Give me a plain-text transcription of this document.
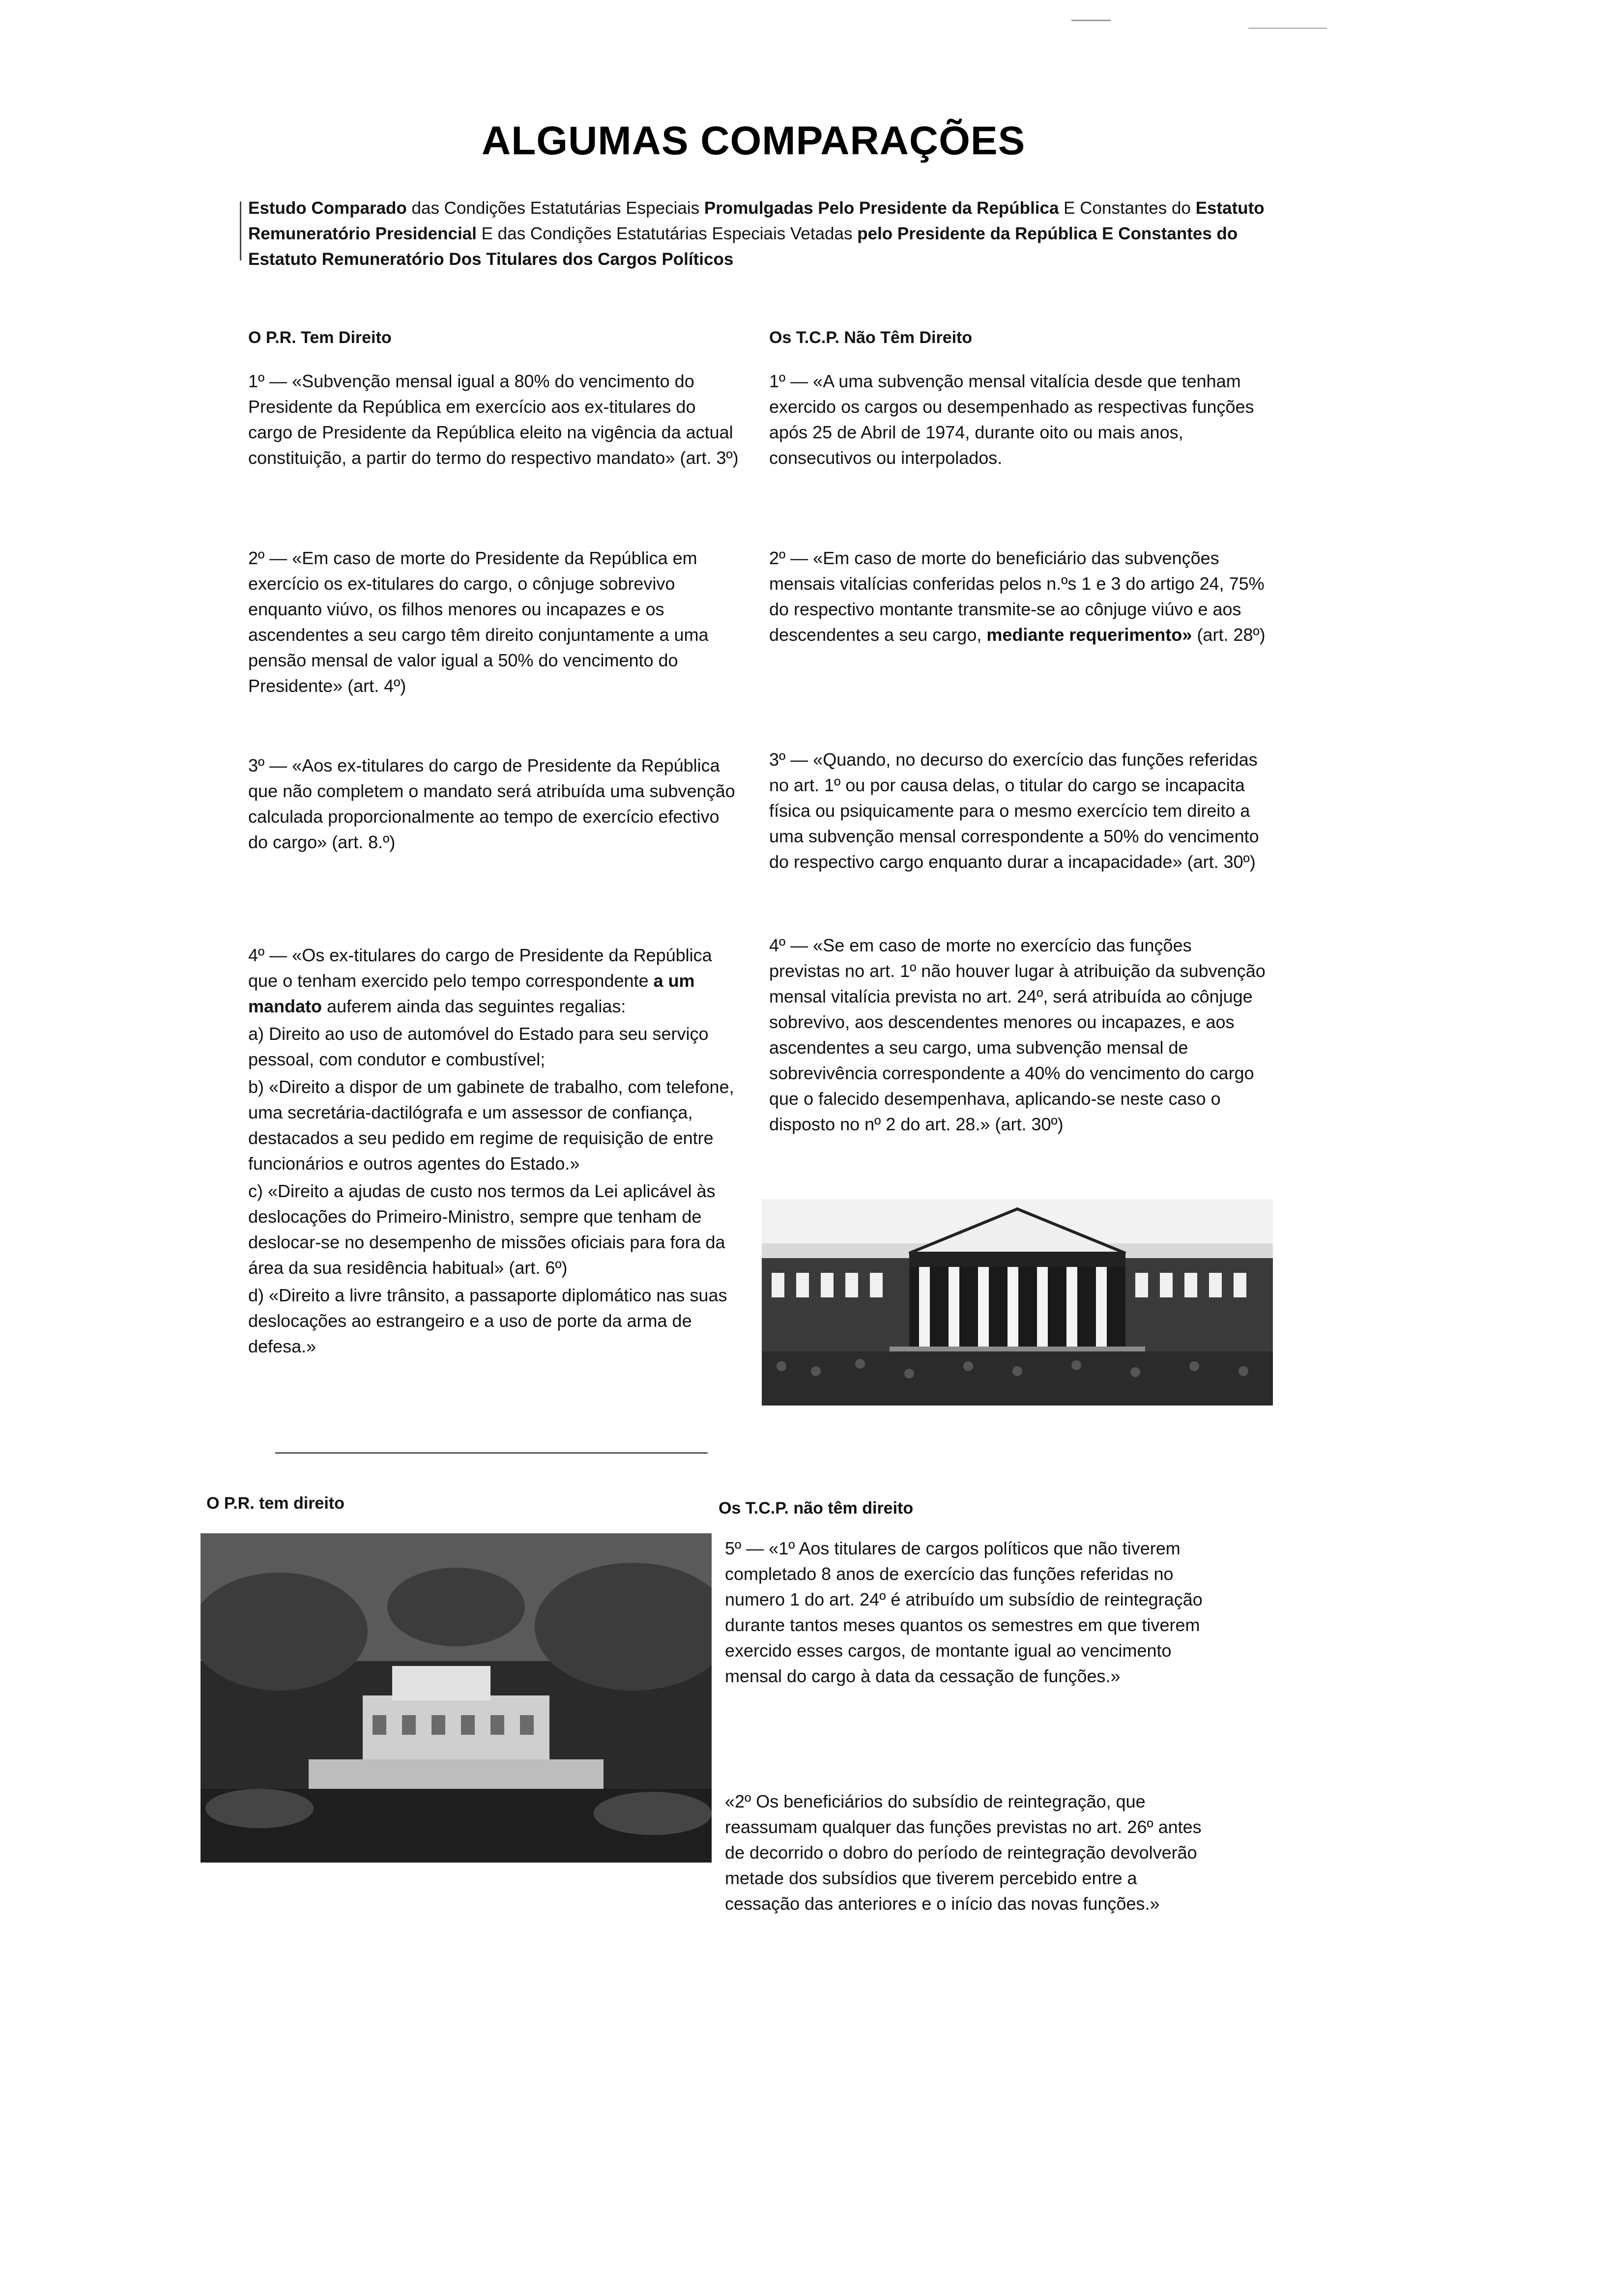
ALGUMAS COMPARAÇÕES
Estudo Comparado das Condições Estatutárias Especiais Promulgadas Pelo Presidente da República E Constantes do Estatuto Remuneratório Presidencial E das Condições Estatutárias Especiais Vetadas pelo Presidente da República E Constantes do Estatuto Remuneratório Dos Titulares dos Cargos Políticos
O P.R. Tem Direito	Os T.C.P. Não Têm Direito

1º — «Subvenção mensal igual a 80% do vencimento do Presidente da República em exercício aos ex-titulares do cargo de Presidente da República eleito na vigência da actual constituição, a partir do termo do respectivo mandato» (art. 3º)

2º — «Em caso de morte do Presidente da República em exercício os ex-titulares do cargo, o cônjuge sobrevivo enquanto viúvo, os filhos menores ou incapazes e os ascendentes a seu cargo têm direito conjuntamente a uma pensão mensal de valor igual a 50% do vencimento do Presidente» (art. 4º)

3º — «Aos ex-titulares do cargo de Presidente da República que não completem o mandato será atribuída uma subvenção calculada proporcionalmente ao tempo de exercício efectivo do cargo» (art. 8.º)

4º — «Os ex-titulares do cargo de Presidente da República que o tenham exercido pelo tempo correspondente a um mandato auferem ainda das seguintes regalias:

a) Direito ao uso de automóvel do Estado para seu serviço pessoal, com condutor e combustível;

b) «Direito a dispor de um gabinete de trabalho, com telefone, uma secretária-dactilógrafa e um assessor de confiança, destacados a seu pedido em regime de requisição de entre funcionários e outros agentes do Estado.»

c) «Direito a ajudas de custo nos termos da Lei aplicável às deslocações do Primeiro-Ministro, sempre que tenham de deslocar-se no desempenho de missões oficiais para fora da área da sua residência habitual» (art. 6º)

d) «Direito a livre trânsito, a passaporte diplomático nas suas deslocações ao estrangeiro e a uso de porte da arma de defesa.»

1º — «A uma subvenção mensal vitalícia desde que tenham exercido os cargos ou desempenhado as respectivas funções após 25 de Abril de 1974, durante oito ou mais anos, consecutivos ou interpolados.

2º — «Em caso de morte do beneficiário das subvenções mensais vitalícias conferidas pelos n.ºs 1 e 3 do artigo 24, 75% do respectivo montante transmite-se ao cônjuge viúvo e aos descendentes a seu cargo, mediante requerimento» (art. 28º)

3º — «Quando, no decurso do exercício das funções referidas no art. 1º ou por causa delas, o titular do cargo se incapacita física ou psiquicamente para o mesmo exercício tem direito a uma subvenção mensal correspondente a 50% do vencimento do respectivo cargo enquanto durar a incapacidade» (art. 30º)

4º — «Se em caso de morte no exercício das funções previstas no art. 1º não houver lugar à atribuição da subvenção mensal vitalícia prevista no art. 24º, será atribuída ao cônjuge sobrevivo, aos descendentes menores ou incapazes, e aos ascendentes a seu cargo, uma subvenção mensal de sobrevivência correspondente a 40% do vencimento do cargo que o falecido desempenhava, aplicando-se neste caso o disposto no nº 2 do art. 28.» (art. 30º)

O P.R. tem direito	Os T.C.P. não têm direito

5º — «1º Aos titulares de cargos políticos que não tiverem completado 8 anos de exercício das funções referidas no numero 1 do art. 24º é atribuído um subsídio de reintegração durante tantos meses quantos os semestres em que tiverem exercido esses cargos, de montante igual ao vencimento mensal do cargo à data da cessação de funções.»

«2º Os beneficiários do subsídio de reintegração, que reassumam qualquer das funções previstas no art. 26º antes de decorrido o dobro do período de reintegração devolverão metade dos subsídios que tiverem percebido entre a cessação das anteriores e o início das novas funções.»
